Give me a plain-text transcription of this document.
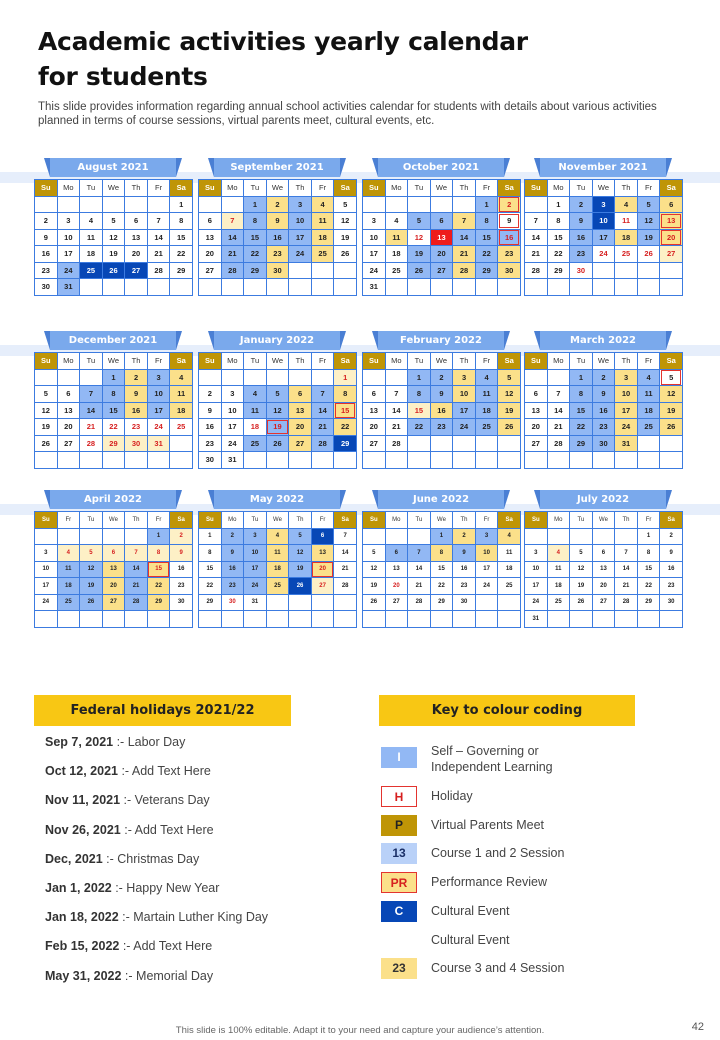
Academic activities yearly calendar
for students
This slide provides information regarding annual school activities calendar for students with details about various activities planned in terms of course sessions, virtual parents meet, cultural events, etc.
August 2021
Su	Mo	Tu	We	Th	Fr	Sa
						1
2	3	4	5	6	7	8
9	10	11	12	13	14	15
16	17	18	19	20	21	22
23	24	25	26	27	28	29
30	31					
September 2021
Su	Mo	Tu	We	Th	Fr	Sa
		1	2	3	4	5
6	7	8	9	10	11	12
13	14	15	16	17	18	19
20	21	22	23	24	25	26
27	28	29	30			

October 2021
Su	Mo	Tu	We	Th	Fr	Sa
					1	2
3	4	5	6	7	8	9
10	11	12	13	14	15	16
17	18	19	20	21	22	23
24	25	26	27	28	29	30
31						
November 2021
Su	Mo	Tu	We	Th	Fr	Sa
	1	2	3	4	5	6
7	8	9	10	11	12	13
14	15	16	17	18	19	20
21	22	23	24	25	26	27
28	29	30				

December 2021
Su	Mo	Tu	We	Th	Fr	Sa
			1	2	3	4
5	6	7	8	9	10	11
12	13	14	15	16	17	18
19	20	21	22	23	24	25
26	27	28	29	30	31	

January 2022
Su	Mo	Tu	We	Th	Fr	Sa
						1
2	3	4	5	6	7	8
9	10	11	12	13	14	15
16	17	18	19	20	21	22
23	24	25	26	27	28	29
30	31					
February 2022
Su	Mo	Tu	We	Th	Fr	Sa
		1	2	3	4	5
6	7	8	9	10	11	12
13	14	15	16	17	18	19
20	21	22	23	24	25	26
27	28					

March 2022
Su	Mo	Tu	We	Th	Fr	Sa
		1	2	3	4	5
6	7	8	9	10	11	12
13	14	15	16	17	18	19
20	21	22	23	24	25	26
27	28	29	30	31		

April 2022
Su	Fr	Tu	We	Th	Fr	Sa
					1	2
3	4	5	6	7	8	9
10	11	12	13	14	15	16
17	18	19	20	21	22	23
24	25	26	27	28	29	30

May 2022
Su	Mo	Tu	We	Th	Fr	Sa
1	2	3	4	5	6	7
8	9	10	11	12	13	14
15	16	17	18	19	20	21
22	23	24	25	26	27	28
29	30	31				

June 2022
Su	Mo	Tu	We	Th	Fr	Sa
			1	2	3	4
5	6	7	8	9	10	11
12	13	14	15	16	17	18
19	20	21	22	23	24	25
26	27	28	29	30		

July 2022
Su	Mo	Tu	We	Th	Fr	Sa
					1	2
3	4	5	6	7	8	9
10	11	12	13	14	15	16
17	18	19	20	21	22	23
24	25	26	27	28	29	30
31						
Federal holidays 2021/22
Sep 7, 2021 :- Labor Day
Oct 12, 2021 :- Add Text Here
Nov 11, 2021 :- Veterans Day
Nov 26, 2021 :- Add Text Here
Dec, 2021 :- Christmas Day
Jan 1, 2022 :- Happy New Year
Jan 18, 2022 :- Martain Luther King Day
Feb 15, 2022 :- Add Text Here
May 31, 2022 :- Memorial Day
Key to colour coding
I	Self – Governing or
Independent Learning
H	Holiday
P	Virtual Parents Meet
13	Course 1 and 2 Session
PR	Performance Review
C	Cultural Event
Cultural Event
23	Course 3 and 4 Session
This slide is 100% editable. Adapt it to your need and capture your audience’s attention.	42
